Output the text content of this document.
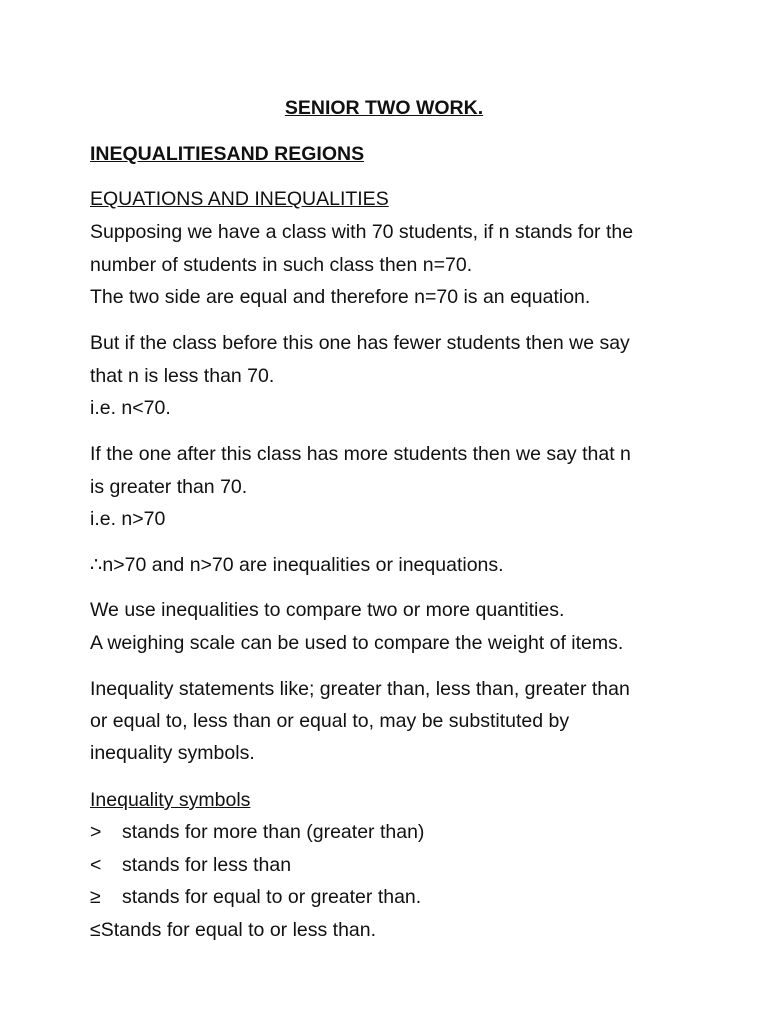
SENIOR TWO WORK.
INEQUALITIESAND REGIONS
EQUATIONS AND INEQUALITIES
Supposing we have a class with 70 students, if n stands for the
number of students in such class then n=70.
The two side are equal and therefore n=70 is an equation.
But if the class before this one has fewer students then we say
that n is less than 70.
i.e. n<70.
If the one after this class has more students then we say that n
is greater than 70.
i.e. n>70
∴n>70 and n>70 are inequalities or inequations.
We use inequalities to compare two or more quantities.
A weighing scale can be used to compare the weight of items.
Inequality statements like; greater than, less than, greater than
or equal to, less than or equal to, may be substituted by
inequality symbols.
Inequality symbols
> stands for more than (greater than)
< stands for less than
≥ stands for equal to or greater than.
≤Stands for equal to or less than.
